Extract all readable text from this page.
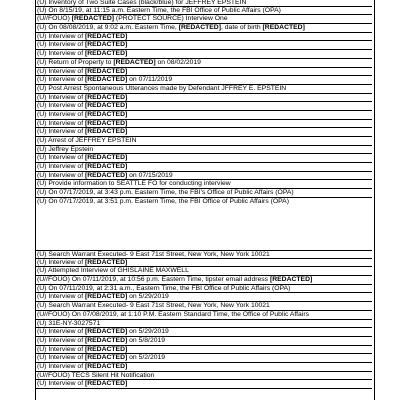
(U) Inventory of Two Suite Cases (black/blue) for JEFFREY EPSTEIN
(U) On 8/15/19, at 11:15 a.m. Eastern Time, the FBI Office of Public Affairs (OPA)
(U//FOUO) [REDACTED] (PROTECT SOURCE) Interview One
(U) On 08/08/2019, at 9:02 a.m. Eastern Time, [REDACTED], date of birth [REDACTED]
(U) Interview of [REDACTED]
(U) Interview of [REDACTED]
(U) Interview of [REDACTED]
(U) Return of Property to [REDACTED] on 08/02/2019
(U) Interview of [REDACTED]
(U) Interview of [REDACTED] on 07/11/2019
(U) Post Arrest Spontaneous Utterances made by Defendant JFFREY E. EPSTEIN
(U) Interview of [REDACTED]
(U) Interview of [REDACTED]
(U) Interview of [REDACTED]
(U) Interview of [REDACTED]
(U) Interview of [REDACTED]
(U) Arrest of JEFFREY EPSTEIN
(U) Jeffrey Epstein
(U) Interview of [REDACTED]
(U) Interview of [REDACTED]
(U) Interview of [REDACTED] on 07/15/2019
(U) Provide information to SEATTLE FO for conducting interview
(U) On 07/17/2019, at 3:43 p.m. Eastern Time, the FBI's Office of Public Affairs (OPA)
(U) On 07/17/2019, at 3:51 p.m. Eastern Time, the FBI Office of Public Affairs (OPA)
(U) Search Warrant Executed- 9 East 71st Street, New York, New York 10021
(U) Interview of [REDACTED]
(U) Attempted Interview of GHISLAINE MAXWELL
(U//FOUO) On 07/11/2019, at 10:56 p.m. Eastern Time, tipster email address [REDACTED]
(U) On 07/11/2019, at 2:31 a.m., Eastern Time, the FBI Office of Public Affairs (OPA)
(U) Interview of [REDACTED] on 5/29/2019
(U) Search Warrant Executed- 9 East 71st Street, New York, New York 10021
(U//FOUO) On 07/08/2019, at 1:10 P.M. Eastern Standard Time, the Office of Public Affairs
(U) 31E-NY-3027571
(U) Interview of [REDACTED] on 5/29/2019
(U) Interview of [REDACTED] on 5/8/2019
(U) Interview of [REDACTED]
(U) Interview of [REDACTED] on 5/2/2019
(U) Interview of [REDACTED]
(U//FOUO) TECS Silent Hit Notification
(U) Interview of [REDACTED]
